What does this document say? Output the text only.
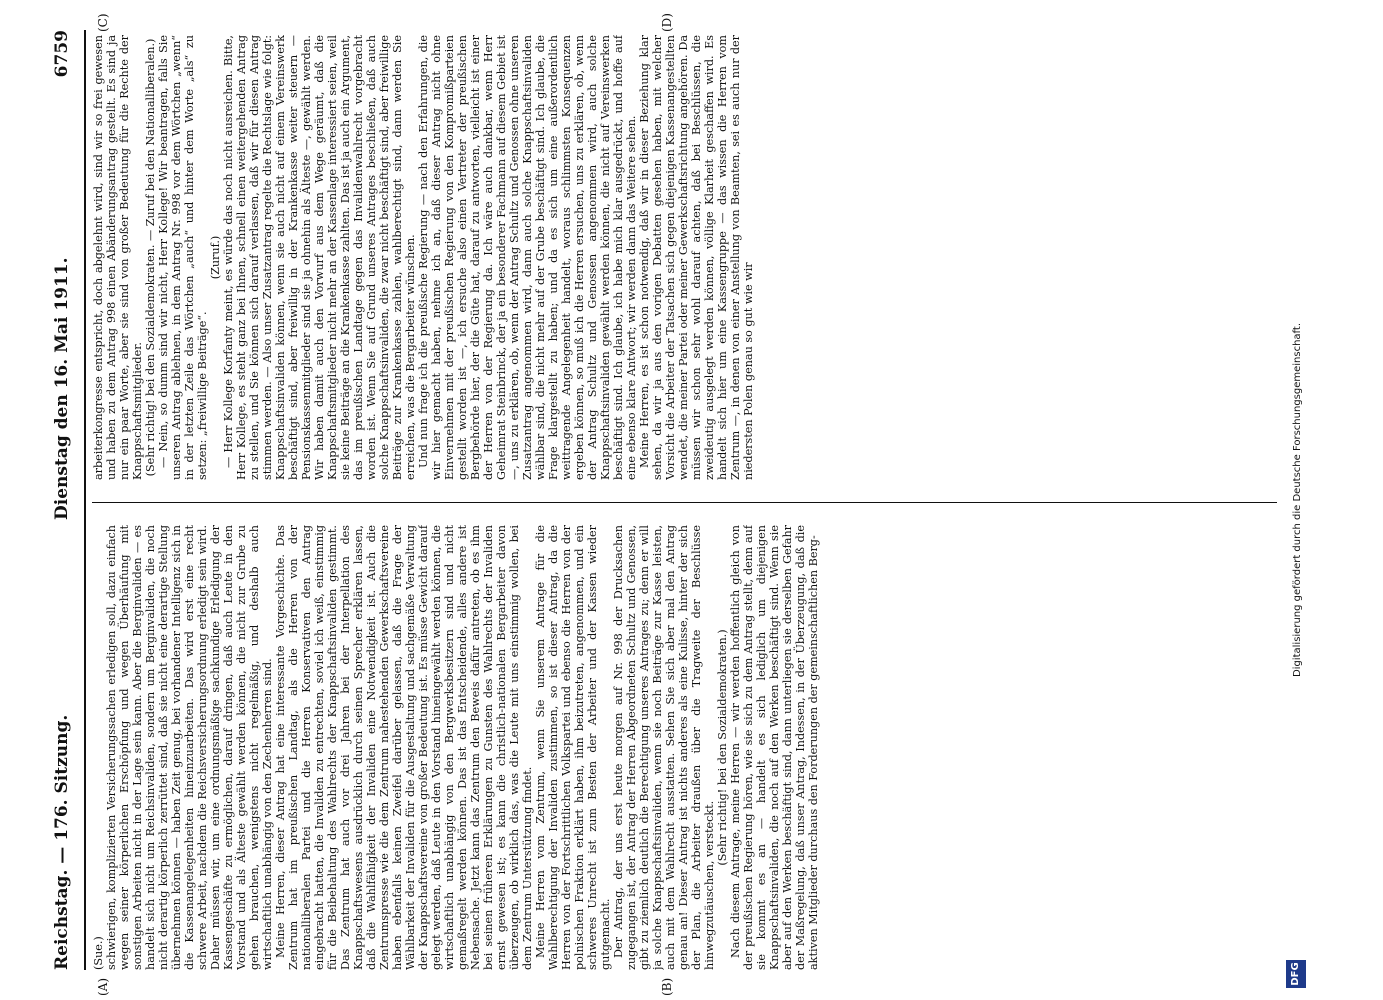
Reichstag. — 176. Sitzung.
Dienstag den 16. Mai 1911.
6759
(A)	(B)
(C)	(D)

(Sue.) schwierigen, komplizierten Versicherungssachen erledigen soll, dazu einfach wegen seiner körperlichen Erschöpfung und wegen Überhäufung mit sonstigen Arbeiten nicht in der Lage sein kann. Aber die Berginvaliden — es handelt sich nicht um Reichsinvaliden, sondern um Berginvaliden, die noch nicht derartig körperlich zerrüttet sind, daß sie nicht eine derartige Stellung übernehmen können — haben Zeit genug, bei vorhandener Intelligenz sich in die Kassenangelegenheiten hineinzuarbeiten. Das wird erst eine recht schwere Arbeit, nachdem die Reichsversicherungsordnung erledigt sein wird. Daher müssen wir, um eine ordnungsmäßige sachkundige Erledigung der Kassengeschäfte zu ermöglichen, darauf dringen, daß auch Leute in den Vorstand und als Älteste gewählt werden können, die nicht zur Grube zu gehen brauchen, wenigstens nicht regelmäßig, und deshalb auch wirtschaftlich unabhängig von den Zechenherren sind. Meine Herren, dieser Antrag hat eine interessante Vorgeschichte. Das Zentrum hat im preußischen Landtag, als die Herren von der nationalliberalen Partei und die Herren Konservativen den Antrag eingebracht hatten, die Invaliden zu entrechten, soviel ich weiß, einstimmig für die Beibehaltung des Wahlrechts der Knappschaftsinvaliden gestimmt. Das Zentrum hat auch vor drei Jahren bei der Interpellation des Knappschaftswesens ausdrücklich durch seinen Sprecher erklären lassen, daß die Wahlfähigkeit der Invaliden eine Notwendigkeit ist. Auch die Zentrumspresse wie die dem Zentrum nahestehenden Gewerkschaftsvereine haben ebenfalls keinen Zweifel darüber gelassen, daß die Frage der Wählbarkeit der Invaliden für die Ausgestaltung und sachgemäße Verwaltung der Knappschaftsvereine von großer Bedeutung ist. Es müsse Gewicht darauf gelegt werden, daß Leute in den Vorstand hineingewählt werden können, die wirtschaftlich unabhängig von den Bergwerksbesitzern sind und nicht gemaßregelt werden können. Das ist das Entscheidende, alles andere ist Nebensache. Jetzt kann das Zentrum den Beweis dafür antreten, ob es ihm bei seinen früheren Erklärungen zu Gunsten des Wahlrechts der Invaliden ernst gewesen ist; es kann die christlich-nationalen Bergarbeiter davon überzeugen, ob wirklich das, was die Leute mit uns einstimmig wollen, bei dem Zentrum Unterstützung findet. Meine Herren vom Zentrum, wenn Sie unserem Antrage für die Wahlberechtigung der Invaliden zustimmen, so ist dieser Antrag, da die Herren von der Fortschrittlichen Volkspartei und ebenso die Herren von der polnischen Fraktion erklärt haben, ihm beizutreten, angenommen, und ein schweres Unrecht ist zum Besten der Arbeiter und der Kassen wieder gutgemacht. Der Antrag, der uns erst heute morgen auf Nr. 998 der Drucksachen zugegangen ist, der Antrag der Herren Abgeordneten Schultz und Genossen, gibt zu ziemlich deutlich die Berechtigung unseres Antrages zu; denn er will ja solche Knappschaftsinvaliden, wenn sie noch Beiträge zur Kasse leisten, auch mit dem Wahlrecht ausstatten. Sehen Sie sich aber mal den Antrag genau an! Dieser Antrag ist nichts anderes als eine Kulisse, hinter der sich der Plan, die Arbeiter draußen über die Tragweite der Beschlüsse hinwegzutäuschen, versteckt.

(Sehr richtig! bei den Sozialdemokraten.) Nach diesem Antrage, meine Herren — wir werden hoffentlich gleich von der preußischen Regierung hören, wie sie sich zu dem Antrag stellt, denn auf sie kommt es an — handelt es sich lediglich um diejenigen Knappschaftsinvaliden, die noch auf den Werken beschäftigt sind. Wenn sie aber auf den Werken beschäftigt sind, dann unterliegen sie derselben Gefahr der Maßregelung, daß unser Antrag, Indessen, in der Überzeugung, daß die aktiven Mitglieder durchaus den Forderungen der gemeinschaftlichen Berg-

arbeiterkongresse entspricht, doch abgelehnt wird, sind wir so frei gewesen und haben zu dem Antrag 998 einen Abänderungsantrag gestellt. Es sind ja nur ein paar Worte, aber sie sind von großer Bedeutung für die Rechte der Knappschaftsmitglieder. (Sehr richtig! bei den Sozialdemokraten. — Zuruf bei den Nationalliberalen.) — Nein, so dumm sind wir nicht, Herr Kollege! Wir beantragen, falls Sie unseren Antrag ablehnen, in dem Antrag Nr. 998 vor dem Wörtchen „wenn“ in der letzten Zeile das Wörtchen „auch“ und hinter dem Worte „als“ zu setzen: „freiwillige Beiträge“.

(Zuruf.) — Herr Kollege Korfanty meint, es würde das noch nicht ausreichen. Bitte, Herr Kollege, es steht ganz bei Ihnen, schnell einen weitergehenden Antrag zu stellen, und Sie können sich darauf verlassen, daß wir für diesen Antrag stimmen werden. — Also unser Zusatzantrag regelte die Rechtslage wie folgt: Knappschaftsinvaliden können, wenn sie auch nicht auf einem Vereinswerk beschäftigt sind, aber freiwillig in der Krankenkasse weiter steuern — Pensionskassenmitglieder sind sie ja ohnehin als Älteste —, gewählt werden. Wir haben damit auch den Vorwurf aus dem Wege geräumt, daß die Knappschaftsmitglieder nicht mehr an der Kassenlage interessiert seien, weil sie keine Beiträge an die Krankenkasse zahlten. Das ist ja auch ein Argument, das im preußischen Landtage gegen das Invalidenwahlrecht vorgebracht worden ist. Wenn Sie auf Grund unseres Antrages beschließen, daß auch solche Knappschaftsinvaliden, die zwar nicht beschäftigt sind, aber freiwillige Beiträge zur Krankenkasse zahlen, wahlberechtigt sind, dann werden Sie erreichen, was die Bergarbeiter wünschen. Und nun frage ich die preußische Regierung — nach den Erfahrungen, die wir hier gemacht haben, nehme ich an, daß dieser Antrag nicht ohne Einvernehmen mit der preußischen Regierung von den Kompromißparteien gestellt worden ist —, ich ersuche also einen Vertreter der preußischen Bergbehörde hier, der die Güte hat, darauf zu antworten, vielleicht ist einer der Herren von der Regierung da. Ich wäre auch dankbar, wenn Herr Geheimrat Steinbrinck, der ja ein besonderer Fachmann auf diesem Gebiet ist —, uns zu erklären, ob, wenn der Antrag Schultz und Genossen ohne unseren Zusatzantrag angenommen wird, dann auch solche Knappschaftsinvaliden wählbar sind, die nicht mehr auf der Grube beschäftigt sind. Ich glaube, die Frage klargestellt zu haben; und da es sich um eine außerordentlich weittragende Angelegenheit handelt, woraus schlimmsten Konsequenzen ergeben können, so muß ich die Herren ersuchen, uns zu erklären, ob, wenn der Antrag Schultz und Genossen angenommen wird, auch solche Knappschaftsinvaliden gewählt werden können, die nicht auf Vereinswerken beschäftigt sind. Ich glaube, ich habe mich klar ausgedrückt, und hoffe auf eine ebenso klare Antwort; wir werden dann das Weitere sehen. Meine Herren, es ist schon notwendig, daß wir in dieser Beziehung klar sehen, da wir ja aus den vorigen Debatten gesehen haben, mit welcher Vorsicht die Arbeiter der Tatsachen sich gegen diejenigen Kassenangestellten wendet, die meiner Partei oder meiner Gewerkschaftsrichtung angehören. Da müssen wir schon sehr wohl darauf achten, daß bei Beschlüssen, die zweideutig ausgelegt werden können, völlige Klarheit geschaffen wird. Es handelt sich hier um eine Kassengruppe — das wissen die Herren vom Zentrum —, in denen von einer Anstellung von Beamten, sei es auch nur der niedersten Polen genau so gut wie wir

DFG
Digitalisierung gefördert durch die Deutsche Forschungsgemeinschaft.
